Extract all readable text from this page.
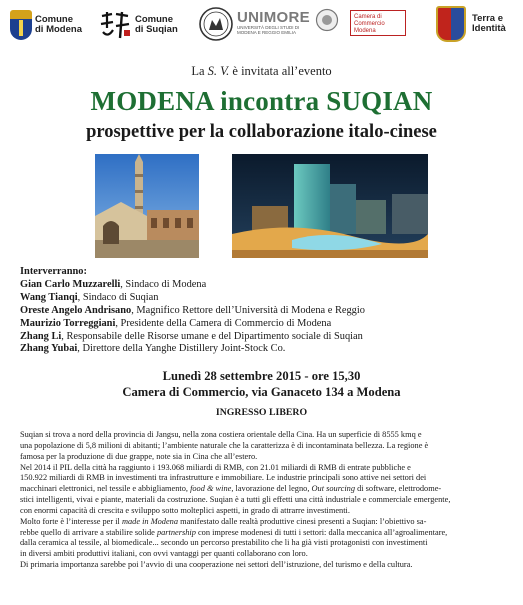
Comune
di Modena
Comune
di Suqian
UNIMORE
UNIVERSITÀ DEGLI STUDI DI
MODENA E REGGIO EMILIA
Camera di Commercio
Modena
Terra e
Identità
La S. V. è invitata all’evento
MODENA incontra SUQIAN
prospettive per la collaborazione italo-cinese
Interverranno:
Gian Carlo Muzzarelli, Sindaco di Modena
Wang Tianqi, Sindaco di Suqian
Oreste Angelo Andrisano, Magnifico Rettore dell’Università di Modena e Reggio
Maurizio Torreggiani, Presidente della Camera di Commercio di Modena
Zhang Li, Responsabile delle Risorse umane e del Dipartimento sociale di Suqian
Zhang Yubai, Direttore della Yanghe Distillery Joint-Stock Co.
Lunedì 28 settembre 2015 - ore 15,30
Camera di Commercio, via Ganaceto 134 a Modena
INGRESSO LIBERO
Suqian si trova a nord della provincia di Jangsu, nella zona costiera orientale della Cina. Ha un superficie di 8555 kmq e
una popolazione di 5,8 milioni di abitanti; l’ambiente naturale che la caratterizza è di incontaminata bellezza. La regione è
famosa per la produzione di due grappe, note sia in Cina che all’estero.
Nel 2014 il PIL della città ha raggiunto i 193.068 miliardi di RMB, con 21.01 miliardi di RMB di entrate pubbliche e
150.922 miliardi di RMB in investimenti tra infrastrutture e immobiliare. Le industrie principali sono attive nei settori dei
macchinari elettronici, nel tessile e abbigliamento, food & wine, lavorazione del legno, Out sourcing di software, elettrodome-
stici intelligenti, vivai e piante, materiali da costruzione. Suqian è a tutti gli effetti una città industriale e commerciale emergente,
con enormi capacità di crescita e sviluppo sotto molteplici aspetti, in grado di attrarre investimenti.
Molto forte è l’interesse per il made in Modena manifestato dalle realtà produttive cinesi presenti a Suqian: l’obiettivo sa-
rebbe quello di arrivare a stabilire solide partnership con imprese modenesi di tutti i settori: dalla meccanica all’agroalimentare,
dalla ceramica al tessile, al biomedicale... secondo un percorso prestabilito che li ha già visti protagonisti con investimenti
in diversi ambiti produttivi italiani, con ovvi vantaggi per quanti collaborano con loro.
Di primaria importanza sarebbe poi l’avvio di una cooperazione nei settori dell’istruzione, del turismo e della cultura.
